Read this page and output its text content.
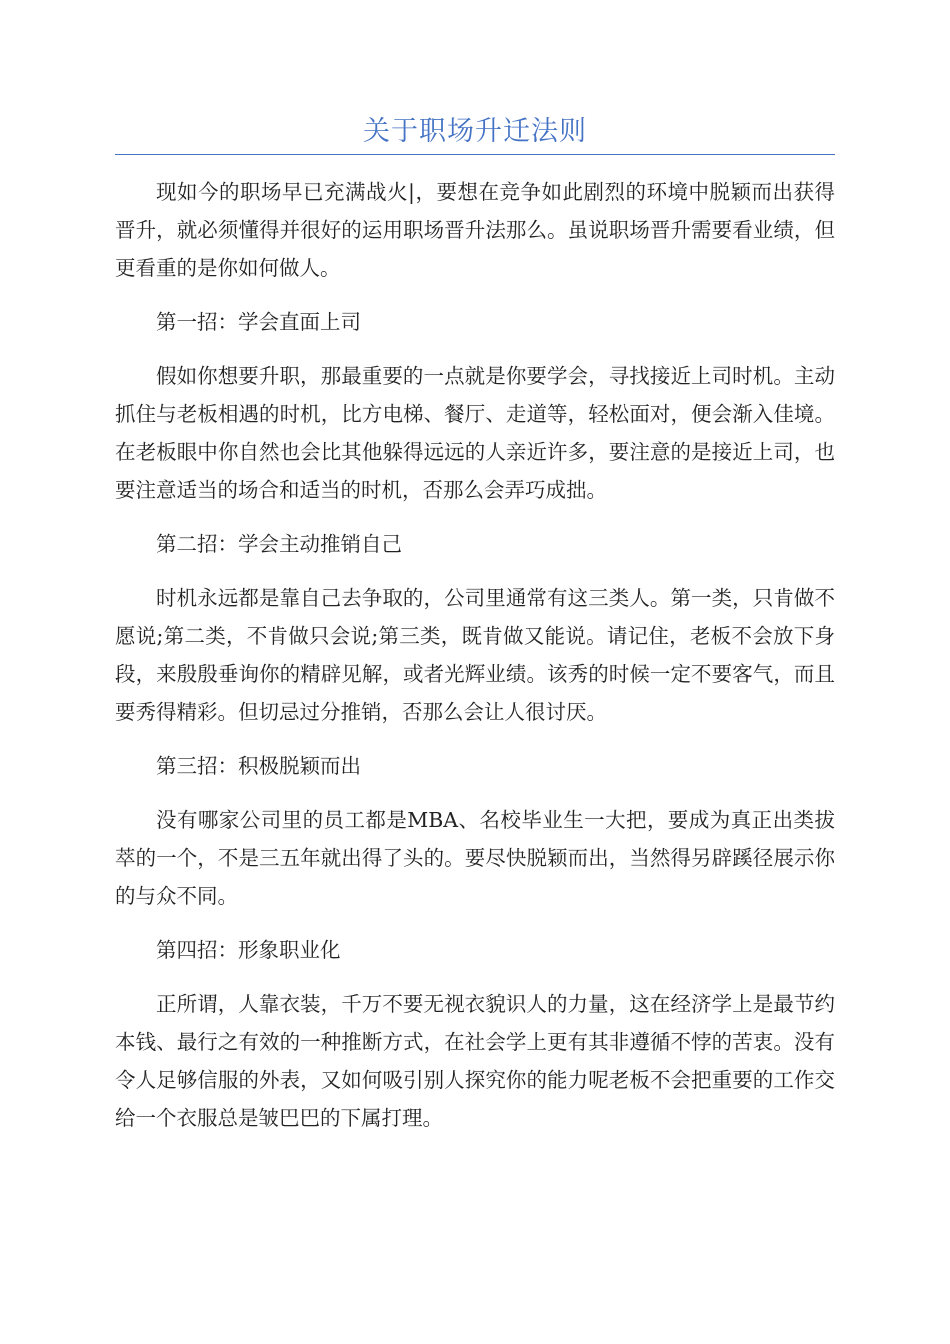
关于职场升迁法则

现如今的职场早已充满战火|，要想在竞争如此剧烈的环境中脱颖而出获得晋升，就必须懂得并很好的运用职场晋升法那么。虽说职场晋升需要看业绩，但更看重的是你如何做人。

第一招：学会直面上司

假如你想要升职，那最重要的一点就是你要学会，寻找接近上司时机。主动抓住与老板相遇的时机，比方电梯、餐厅、走道等，轻松面对，便会渐入佳境。在老板眼中你自然也会比其他躲得远远的人亲近许多，要注意的是接近上司，也要注意适当的场合和适当的时机，否那么会弄巧成拙。

第二招：学会主动推销自己

时机永远都是靠自己去争取的，公司里通常有这三类人。第一类，只肯做不愿说;第二类，不肯做只会说;第三类，既肯做又能说。请记住，老板不会放下身段，来殷殷垂询你的精辟见解，或者光辉业绩。该秀的时候一定不要客气，而且要秀得精彩。但切忌过分推销，否那么会让人很讨厌。

第三招：积极脱颖而出

没有哪家公司里的员工都是MBA、名校毕业生一大把，要成为真正出类拔萃的一个，不是三五年就出得了头的。要尽快脱颖而出，当然得另辟蹊径展示你的与众不同。

第四招：形象职业化

正所谓，人靠衣装，千万不要无视衣貌识人的力量，这在经济学上是最节约本钱、最行之有效的一种推断方式，在社会学上更有其非遵循不悖的苦衷。没有令人足够信服的外表，又如何吸引别人探究你的能力呢老板不会把重要的工作交给一个衣服总是皱巴巴的下属打理。
